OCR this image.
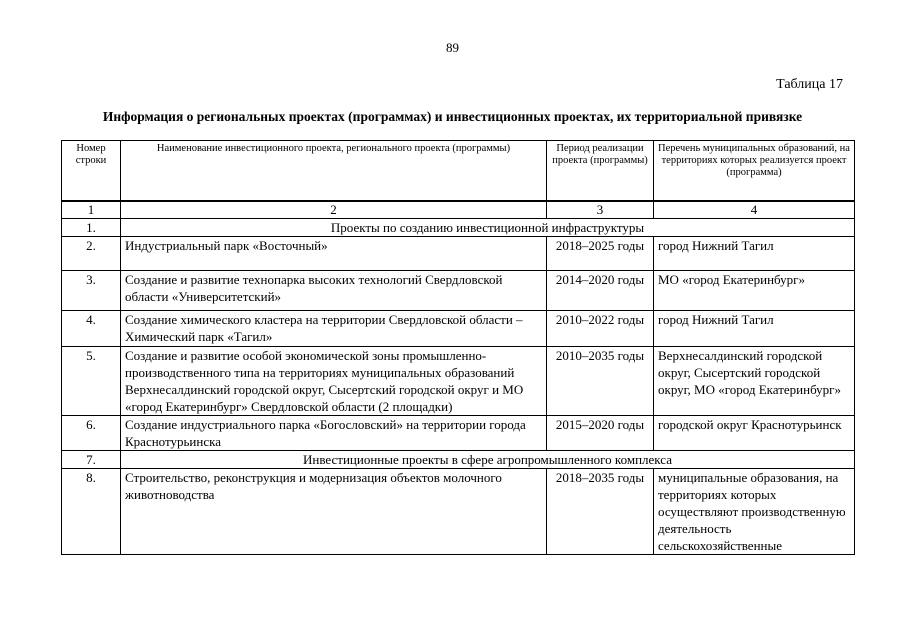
89
Таблица 17
Информация о региональных проектах (программах) и инвестиционных проектах, их территориальной привязке
Номер строки	Наименование инвестиционного проекта, регионального проекта (программы)	Период реализации проекта (программы)	Перечень муниципальных образований, на территориях которых реализуется проект (программа)
1	2	3	4
1.	Проекты по созданию инвестиционной инфраструктуры		
2.	Индустриальный парк «Восточный»	2018–2025 годы	город Нижний Тагил
3.	Создание и развитие технопарка высоких технологий Свердловской области «Университетский»	2014–2020 годы	МО «город Екатеринбург»
4.	Создание химического кластера на территории Свердловской области – Химический парк «Тагил»	2010–2022 годы	город Нижний Тагил
5.	Создание и развитие особой экономической зоны промышленно-производственного типа на территориях муниципальных образований Верхнесалдинский городской округ, Сысертский городской округ и МО «город Екатеринбург» Свердловской области (2 площадки)	2010–2035 годы	Верхнесалдинский городской округ, Сысертский городской округ, МО «город Екатеринбург»
6.	Создание индустриального парка «Богословский» на территории города Краснотурьинска	2015–2020 годы	городской округ Краснотурьинск
7.	Инвестиционные проекты в сфере агропромышленного комплекса		
8.	Строительство, реконструкция и модернизация объектов молочного животноводства	2018–2035 годы	муниципальные образования, на территориях которых осуществляют производственную деятельность сельскохозяйственные
